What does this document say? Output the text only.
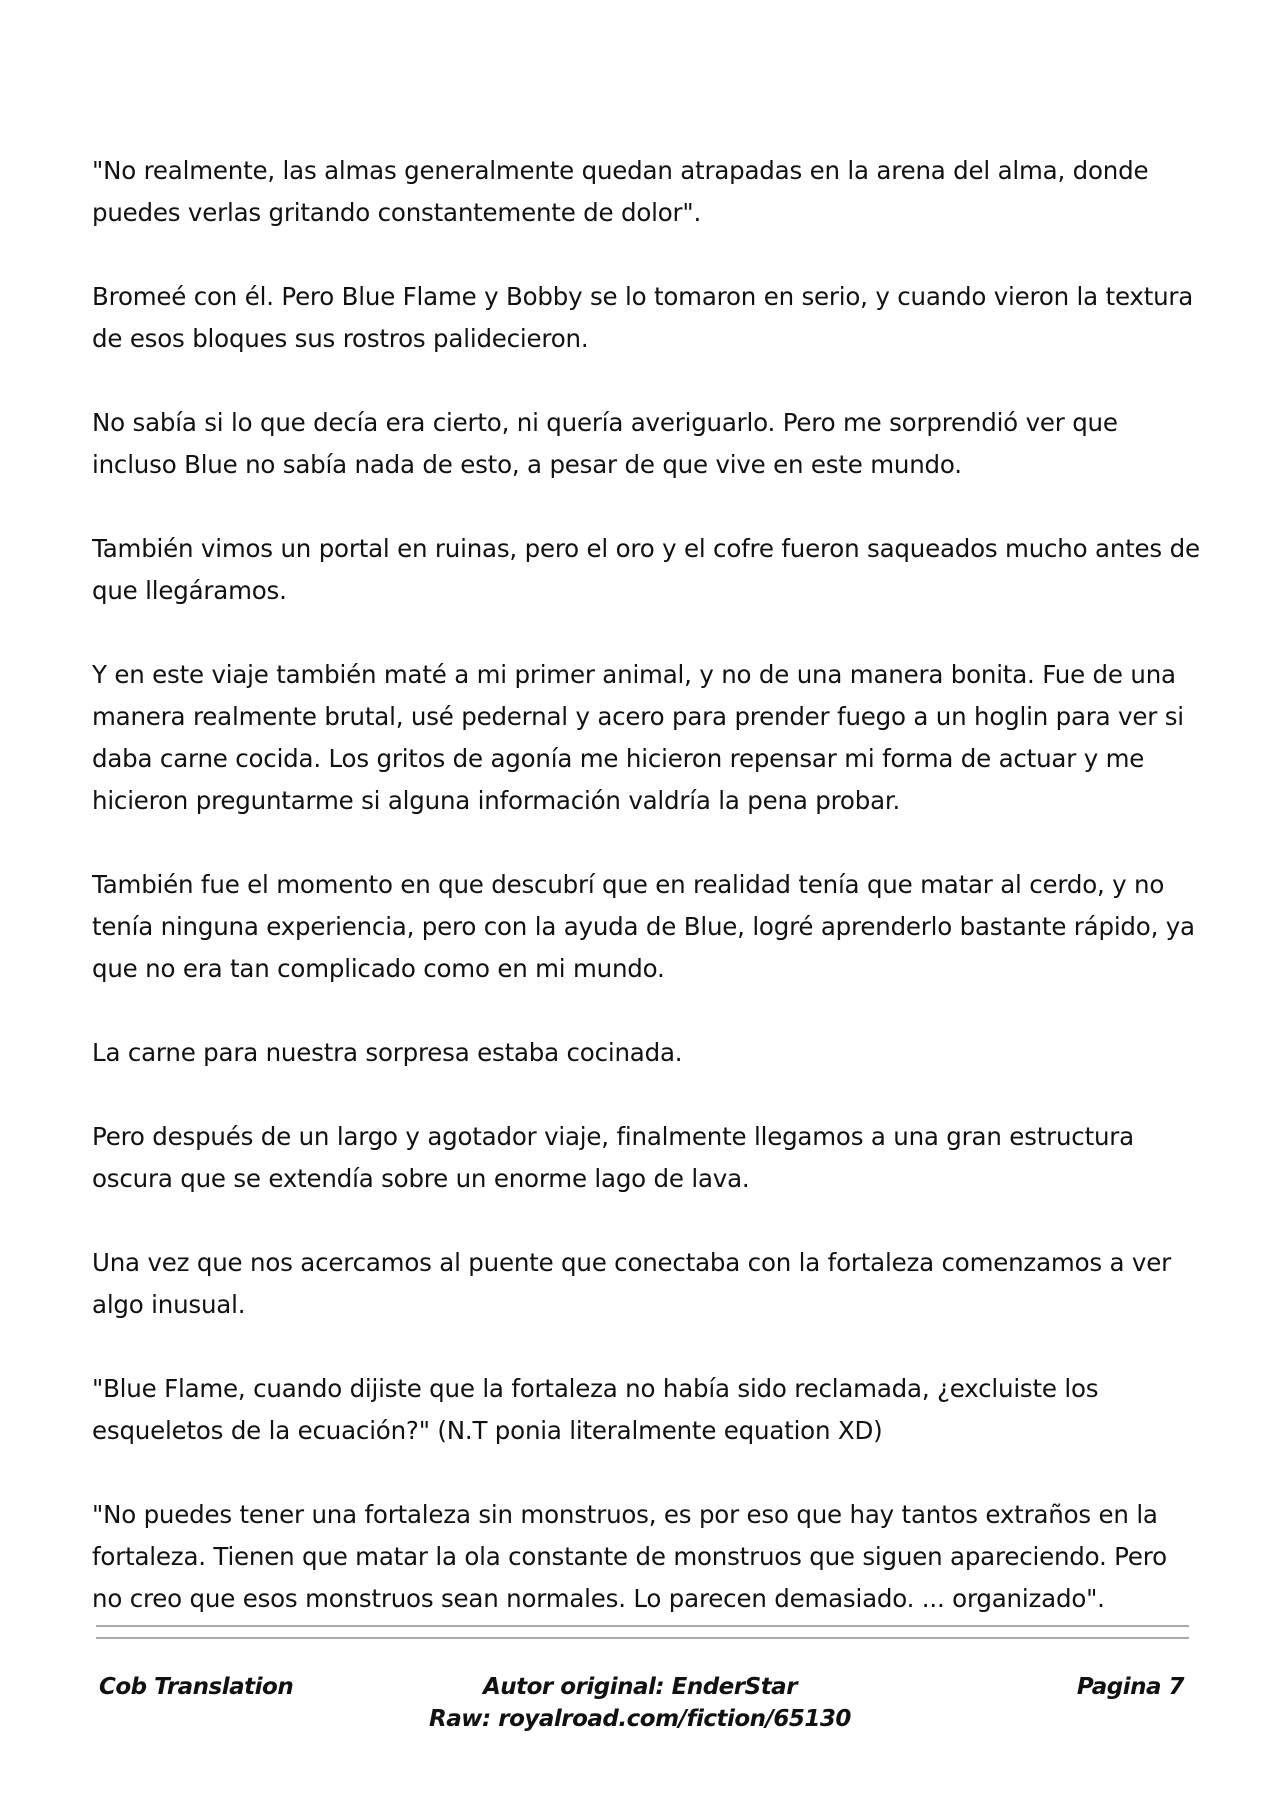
"No realmente, las almas generalmente quedan atrapadas en la arena del alma, donde puedes verlas gritando constantemente de dolor".

Bromeé con él. Pero Blue Flame y Bobby se lo tomaron en serio, y cuando vieron la textura de esos bloques sus rostros palidecieron.

No sabía si lo que decía era cierto, ni quería averiguarlo. Pero me sorprendió ver que incluso Blue no sabía nada de esto, a pesar de que vive en este mundo.

También vimos un portal en ruinas, pero el oro y el cofre fueron saqueados mucho antes de que llegáramos.

Y en este viaje también maté a mi primer animal, y no de una manera bonita. Fue de una manera realmente brutal, usé pedernal y acero para prender fuego a un hoglin para ver si daba carne cocida. Los gritos de agonía me hicieron repensar mi forma de actuar y me hicieron preguntarme si alguna información valdría la pena probar.

También fue el momento en que descubrí que en realidad tenía que matar al cerdo, y no tenía ninguna experiencia, pero con la ayuda de Blue, logré aprenderlo bastante rápido, ya que no era tan complicado como en mi mundo.

La carne para nuestra sorpresa estaba cocinada.

Pero después de un largo y agotador viaje, finalmente llegamos a una gran estructura oscura que se extendía sobre un enorme lago de lava.

Una vez que nos acercamos al puente que conectaba con la fortaleza comenzamos a ver algo inusual.

"Blue Flame, cuando dijiste que la fortaleza no había sido reclamada, ¿excluiste los esqueletos de la ecuación?" (N.T ponia literalmente equation XD)

"No puedes tener una fortaleza sin monstruos, es por eso que hay tantos extraños en la fortaleza. Tienen que matar la ola constante de monstruos que siguen apareciendo. Pero no creo que esos monstruos sean normales. Lo parecen demasiado. ... organizado".

Cob Translation	Autor original: EnderStar
Raw: royalroad.com/fiction/65130
Pagina 7
